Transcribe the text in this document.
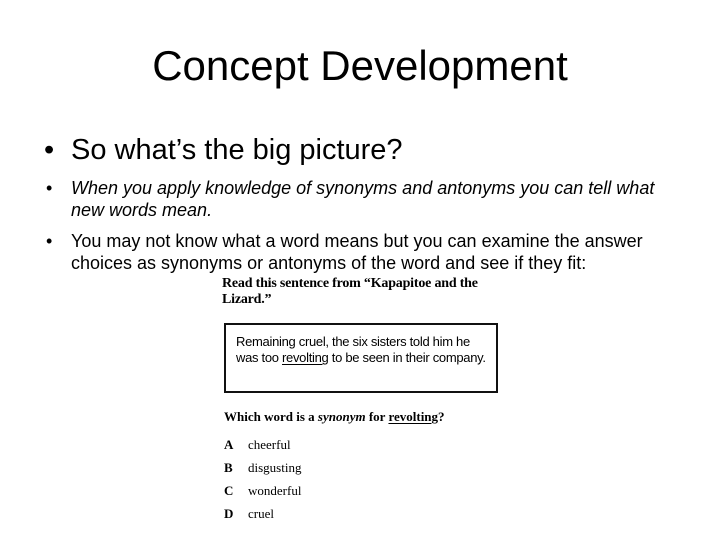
Concept Development
• So what’s the big picture?
• When you apply knowledge of synonyms and antonyms you can tell what new words mean.
• You may not know what a word means but you can examine the answer choices as synonyms or antonyms of the word and see if they fit:
Read this sentence from “Kapapitoe and the Lizard.”
Remaining cruel, the six sisters told him he was too revolting to be seen in their company.
Which word is a synonym for revolting?
A cheerful
B disgusting
C wonderful
D cruel
